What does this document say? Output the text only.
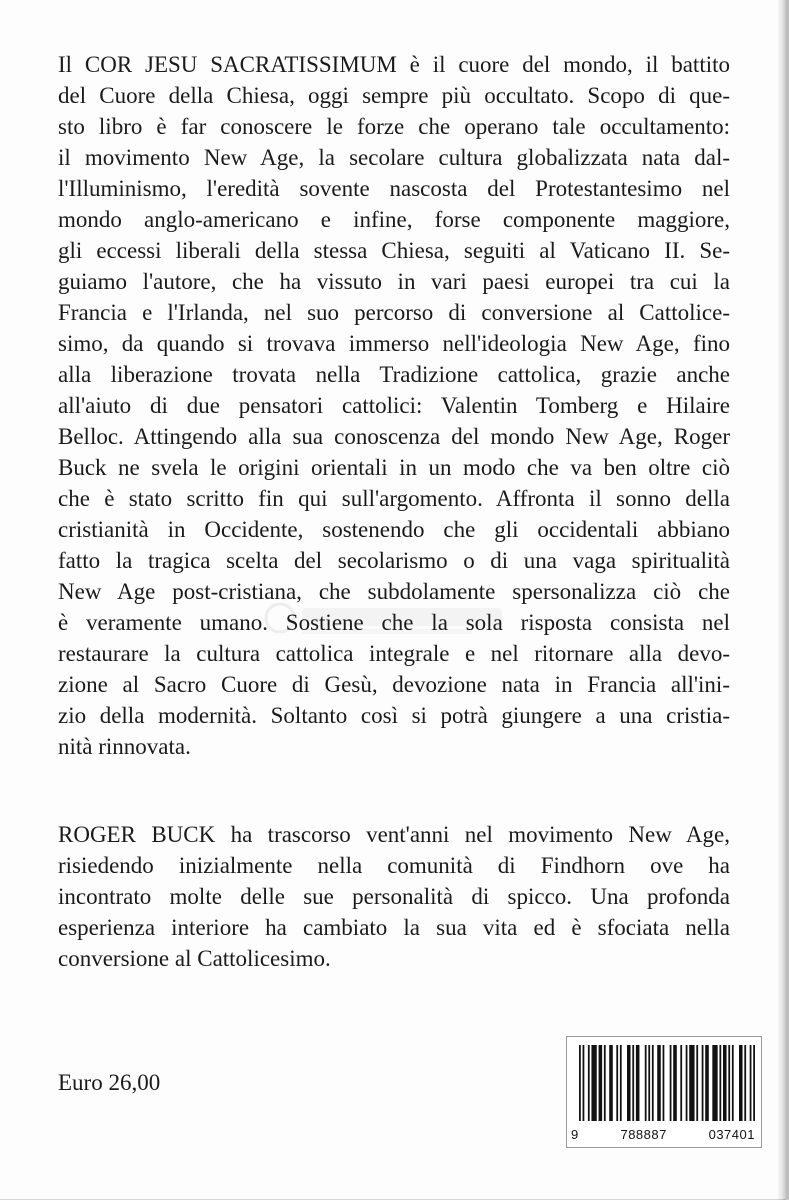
Il COR JESU SACRATISSIMUM è il cuore del mondo, il battito
del Cuore della Chiesa, oggi sempre più occultato. Scopo di que-
sto libro è far conoscere le forze che operano tale occultamento:
il movimento New Age, la secolare cultura globalizzata nata dal-
l'Illuminismo, l'eredità sovente nascosta del Protestantesimo nel
mondo anglo-americano e infine, forse componente maggiore,
gli eccessi liberali della stessa Chiesa, seguiti al Vaticano II. Se-
guiamo l'autore, che ha vissuto in vari paesi europei tra cui la
Francia e l'Irlanda, nel suo percorso di conversione al Cattolice-
simo, da quando si trovava immerso nell'ideologia New Age, fino
alla liberazione trovata nella Tradizione cattolica, grazie anche
all'aiuto di due pensatori cattolici: Valentin Tomberg e Hilaire
Belloc. Attingendo alla sua conoscenza del mondo New Age, Roger
Buck ne svela le origini orientali in un modo che va ben oltre ciò
che è stato scritto fin qui sull'argomento. Affronta il sonno della
cristianità in Occidente, sostenendo che gli occidentali abbiano
fatto la tragica scelta del secolarismo o di una vaga spiritualità
New Age post-cristiana, che subdolamente spersonalizza ciò che
è veramente umano. Sostiene che la sola risposta consista nel
restaurare la cultura cattolica integrale e nel ritornare alla devo-
zione al Sacro Cuore di Gesù, devozione nata in Francia all'ini-
zio della modernità. Soltanto così si potrà giungere a una cristia-
nità rinnovata.
ROGER BUCK ha trascorso vent'anni nel movimento New Age,
risiedendo inizialmente nella comunità di Findhorn ove ha
incontrato molte delle sue personalità di spicco. Una profonda
esperienza interiore ha cambiato la sua vita ed è sfociata nella
conversione al Cattolicesimo.
Euro 26,00
9	788887	037401
